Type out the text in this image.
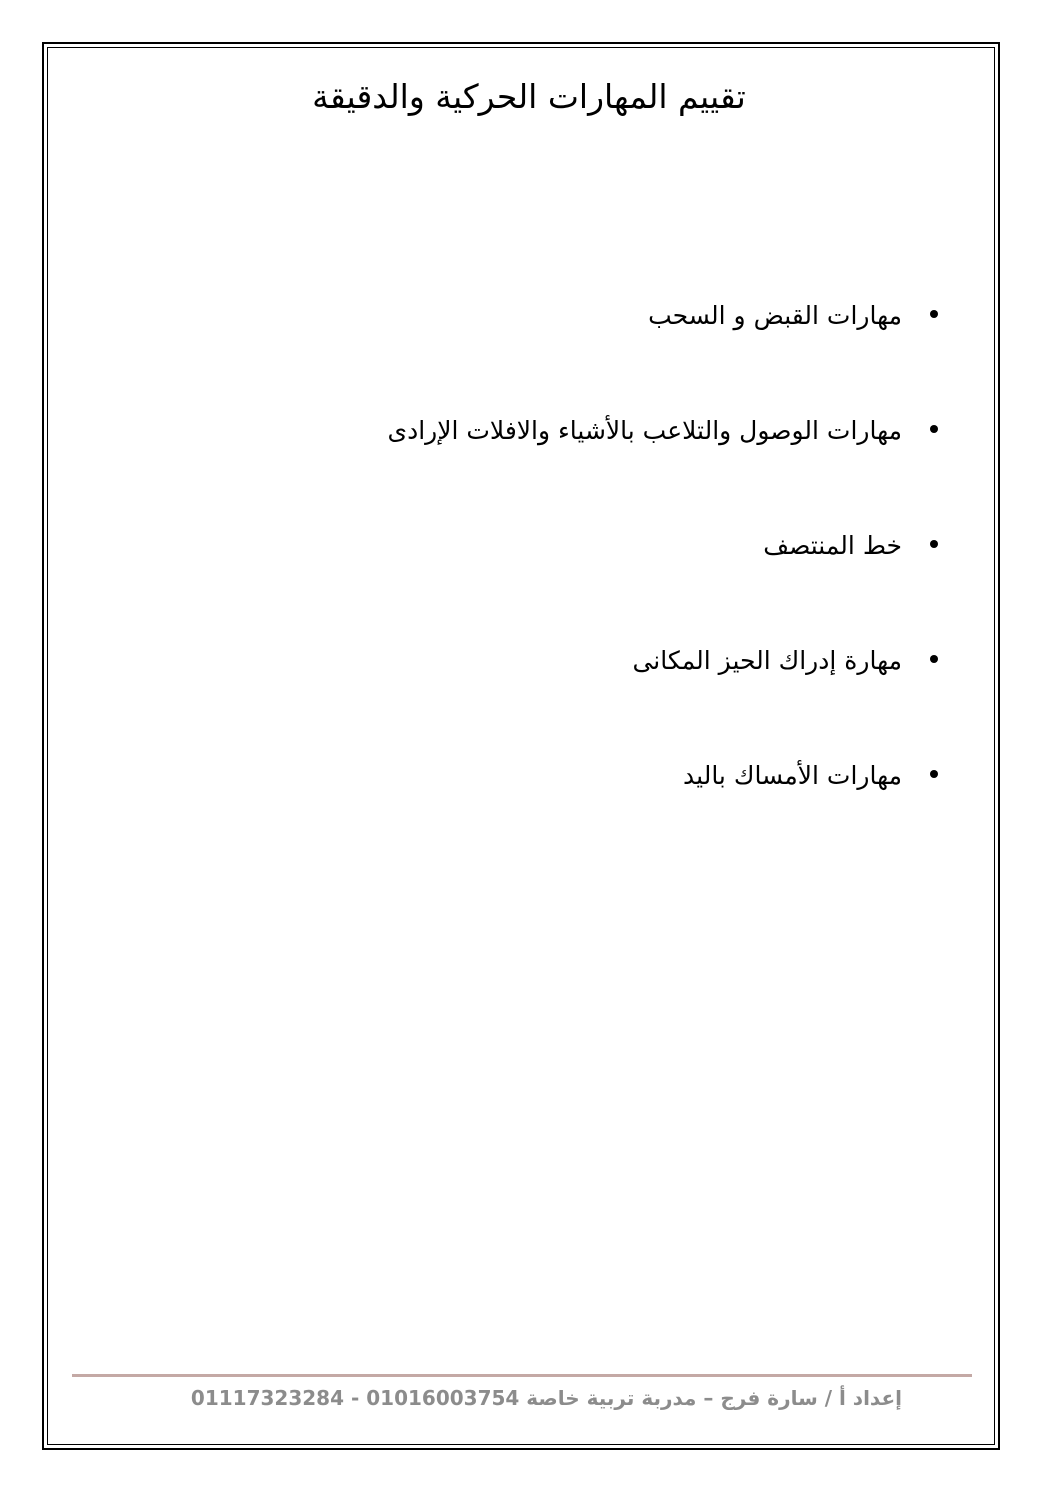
تقييم المهارات الحركية والدقيقة
مهارات القبض و السحب
مهارات الوصول والتلاعب بالأشياء والافلات الإرادى
خط المنتصف
مهارة إدراك الحيز المكانى
مهارات الأمساك باليد
إعداد أ / سارة فرج – مدربة تربية خاصة 01016003754 - 01117323284
